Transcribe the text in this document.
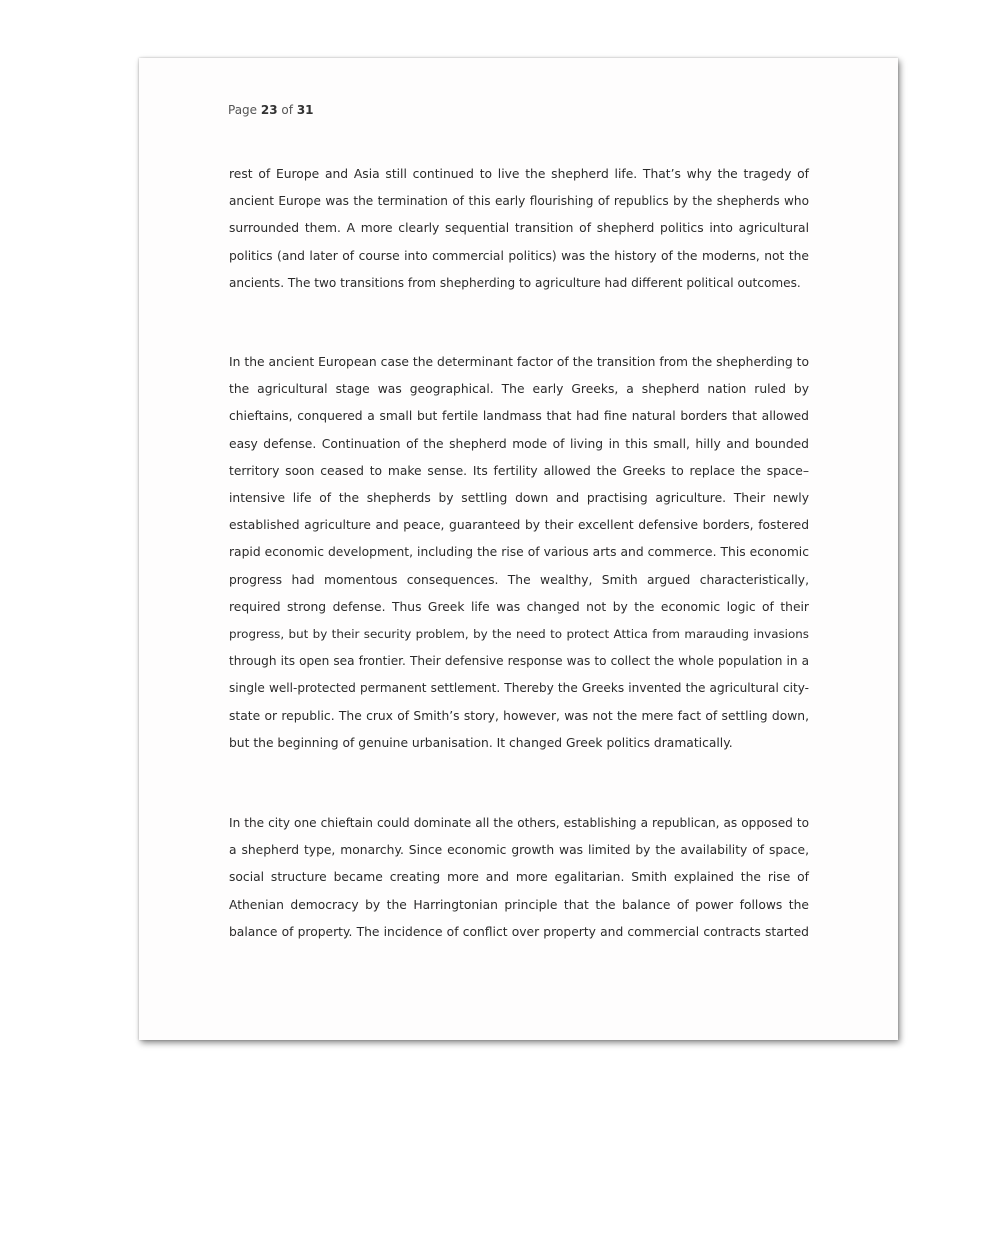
Page 23 of 31
rest of Europe and Asia still continued to live the shepherd life. That’s why the tragedy of
ancient Europe was the termination of this early flourishing of republics by the shepherds who
surrounded them. A more clearly sequential transition of shepherd politics into agricultural
politics (and later of course into commercial politics) was the history of the moderns, not the
ancients. The two transitions from shepherding to agriculture had different political outcomes.
In the ancient European case the determinant factor of the transition from the shepherding to
the agricultural stage was geographical. The early Greeks, a shepherd nation ruled by
chieftains, conquered a small but fertile landmass that had fine natural borders that allowed
easy defense. Continuation of the shepherd mode of living in this small, hilly and bounded
territory soon ceased to make sense. Its fertility allowed the Greeks to replace the space–
intensive life of the shepherds by settling down and practising agriculture. Their newly
established agriculture and peace, guaranteed by their excellent defensive borders, fostered
rapid economic development, including the rise of various arts and commerce. This economic
progress had momentous consequences. The wealthy, Smith argued characteristically,
required strong defense. Thus Greek life was changed not by the economic logic of their
progress, but by their security problem, by the need to protect Attica from marauding invasions
through its open sea frontier. Their defensive response was to collect the whole population in a
single well-protected permanent settlement. Thereby the Greeks invented the agricultural city-
state or republic. The crux of Smith’s story, however, was not the mere fact of settling down,
but the beginning of genuine urbanisation. It changed Greek politics dramatically.
In the city one chieftain could dominate all the others, establishing a republican, as opposed to
a shepherd type, monarchy. Since economic growth was limited by the availability of space,
social structure became creating more and more egalitarian. Smith explained the rise of
Athenian democracy by the Harringtonian principle that the balance of power follows the
balance of property. The incidence of conflict over property and commercial contracts started
